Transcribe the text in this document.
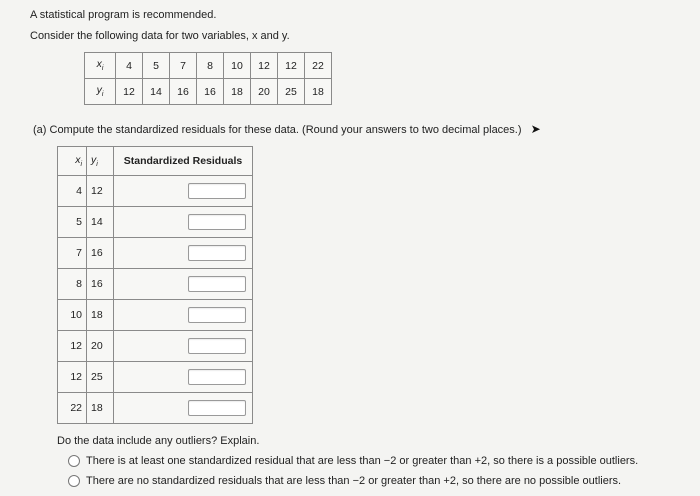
A statistical program is recommended.
Consider the following data for two variables, x and y.
$x_i$	4	5	7	8	10	12	12	22
$y_i$	12	14	16	16	18	20	25	18
(a) Compute the standardized residuals for these data. (Round your answers to two decimal places.) ➤
$x_i$	$y_i$	Standardized Residuals
4	12	
5	14	
7	16	
8	16	
10	18	
12	20	
12	25	
22	18	
Do the data include any outliers? Explain.
There is at least one standardized residual that are less than −2 or greater than +2, so there is a possible outliers.
There are no standardized residuals that are less than −2 or greater than +2, so there are no possible outliers.
